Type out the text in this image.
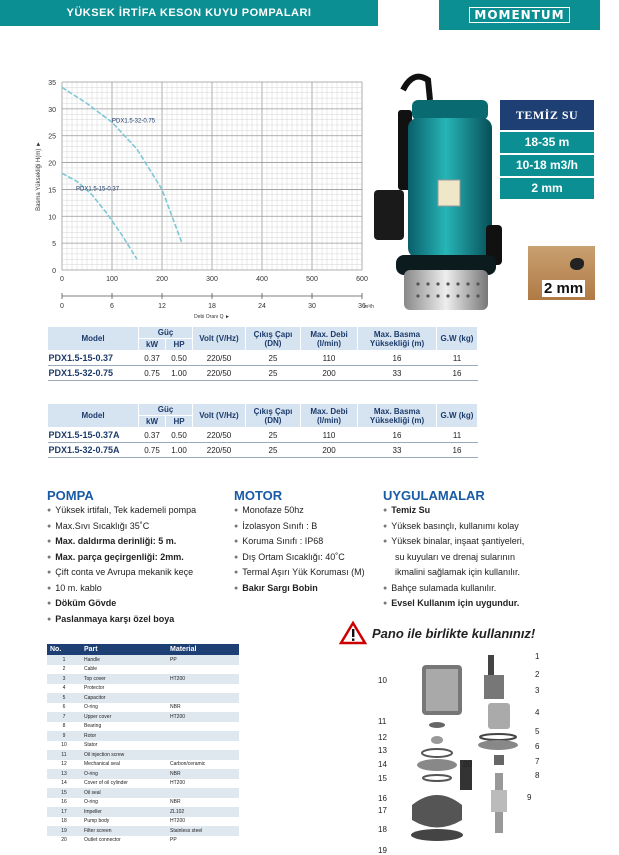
YÜKSEK İRTİFA KESON KUYU POMPALARI	MOMENTUM
0
5
10
15
20
25
30
35
0	100	200	300	400	500	600
0	6	12	18	24	30	36
m³/h
Debi Oranı Q ►
Basma Yüksekliği H(m) ►
PDX1.5-32-0.75
PDX1.5-15-0.37
TEMİZ SU
18-35 m
10-18 m3/h
2 mm
2 mm
Model	Güç		Volt (V/Hz)	Çıkış Çapı (DN)	Max. Debi (l/min)	Max. Basma Yüksekliği (m)	G.W (kg)
	kW	HP					
PDX1.5-15-0.37	0.37	0.50	220/50	25	110	16	11
PDX1.5-32-0.75	0.75	1.00	220/50	25	200	33	16
Model	Güç		Volt (V/Hz)	Çıkış Çapı (DN)	Max. Debi (l/min)	Max. Basma Yüksekliği (m)	G.W (kg)
	kW	HP					
PDX1.5-15-0.37A	0.37	0.50	220/50	25	110	16	11
PDX1.5-32-0.75A	0.75	1.00	220/50	25	200	33	16
POMPA
● Yüksek irtifalı, Tek kademeli pompa
● Max.Sıvı Sıcaklığı 35˚C
● Max. daldırma derinliği: 5 m.
● Max. parça geçirgenliği: 2mm.
● Çift conta ve Avrupa mekanik keçe
● 10 m. kablo
● Döküm Gövde
● Paslanmaya karşı özel boya
MOTOR
● Monofaze 50hz
● İzolasyon Sınıfı : B
● Koruma Sınıfı : IP68
● Dış Ortam Sıcaklığı: 40˚C
● Termal Aşırı Yük Koruması (M)
● Bakır Sargı Bobin
UYGULAMALAR
● Temiz Su
● Yüksek basınçlı, kullanımı kolay
● Yüksek binalar, inşaat şantiyeleri,
su kuyuları ve drenaj sularının
ikmalini sağlamak için kullanılır.
● Bahçe sulamada kullanılır.
● Evsel Kullanım için uygundur.
Pano ile birlikte kullanınız!
No.	Part	Material
1	Handle	PP
2	Cable	
3	Top cover	HT200
4	Protector	
5	Capacitor	
6	O-ring	NBR
7	Upper cover	HT200
8	Bearing	
9	Rotor	
10	Stator	
11	Oil injection screw	
12	Mechanical seal	Carbon/ceramic
13	O-ring	NBR
14	Cover of oil cylinder	HT200
15	Oil seal	
16	O-ring	NBR
17	Impeller	ZL102
18	Pump body	HT200
19	Filter screen	Stainless steel
20	Outlet connector	PP
1
2
3
4
5
6
7
8
9
10
11
12
13
14
15
16
17
18
19
20
